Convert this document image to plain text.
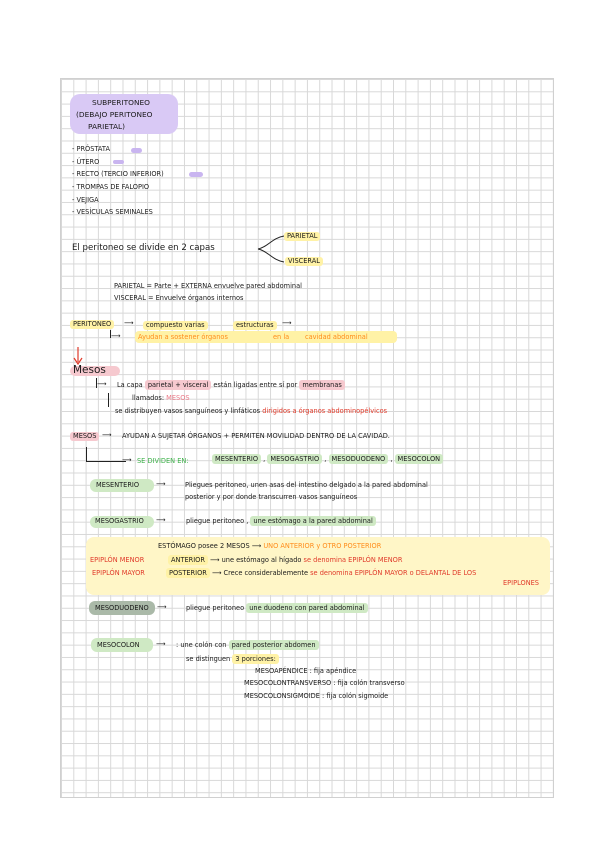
SUBPERITONEO
(DEBAJO PERITONEO
PARIETAL)
- PRÓSTATA
- ÚTERO
- RECTO (TERCIO INFERIOR)
- TROMPAS DE FALOPIO
- VEJIGA
- VESÍCULAS SEMINALES
El peritoneo se divide en 2 capas
PARIETAL
VISCERAL
PARIETAL = Parte + EXTERNA envuelve pared abdominal
VISCERAL = Envuelve órganos internos
PERITONEO	⟶	compuesto varias	estructuras	⟶
⟶	Ayudan a sostener órganos	en la cavidad abdominal
Mesos
⟶ La capa parietal + visceral están ligadas entre sí por membranas
llamados: MESOS
se distribuyen vasos sanguíneos y linfáticos dirigidos a órganos abdominopélvicos
MESOS ⟶ AYUDAN A SUJETAR ÓRGANOS + PERMITEN MOVILIDAD DENTRO DE LA CAVIDAD.
⟶ SE DIVIDEN EN:	MESENTERIO , MESOGASTRIO , MESODUODENO , MESOCOLON
MESENTERIO	⟶	Pliegues peritoneo, unen asas del intestino delgado a la pared abdominal
posterior y por donde transcurren vasos sanguíneos
MESOGASTRIO ⟶	pliegue peritoneo , une estómago a la pared abdominal
ESTÓMAGO posee 2 MESOS ⟶ UNO ANTERIOR y OTRO POSTERIOR
EPIPLÓN MENOR	ANTERIOR ⟶ une estómago al hígado se denomina EPIPLÓN MENOR
EPIPLÓN MAYOR	POSTERIOR ⟶ Crece considerablemente se denomina EPIPLÓN MAYOR o DELANTAL DE LOS
EPIPLONES
MESODUODENO ⟶	pliegue peritoneo une duodeno con pared abdominal
MESOCOLON ⟶ : une colón con pared posterior abdomen
se distinguen 3 porciones:
MESOAPÉNDICE : fija apéndice
MESOCOLONTRANSVERSO : fija colón transverso
MESOCOLONSIGMOIDE : fija colón sigmoide
